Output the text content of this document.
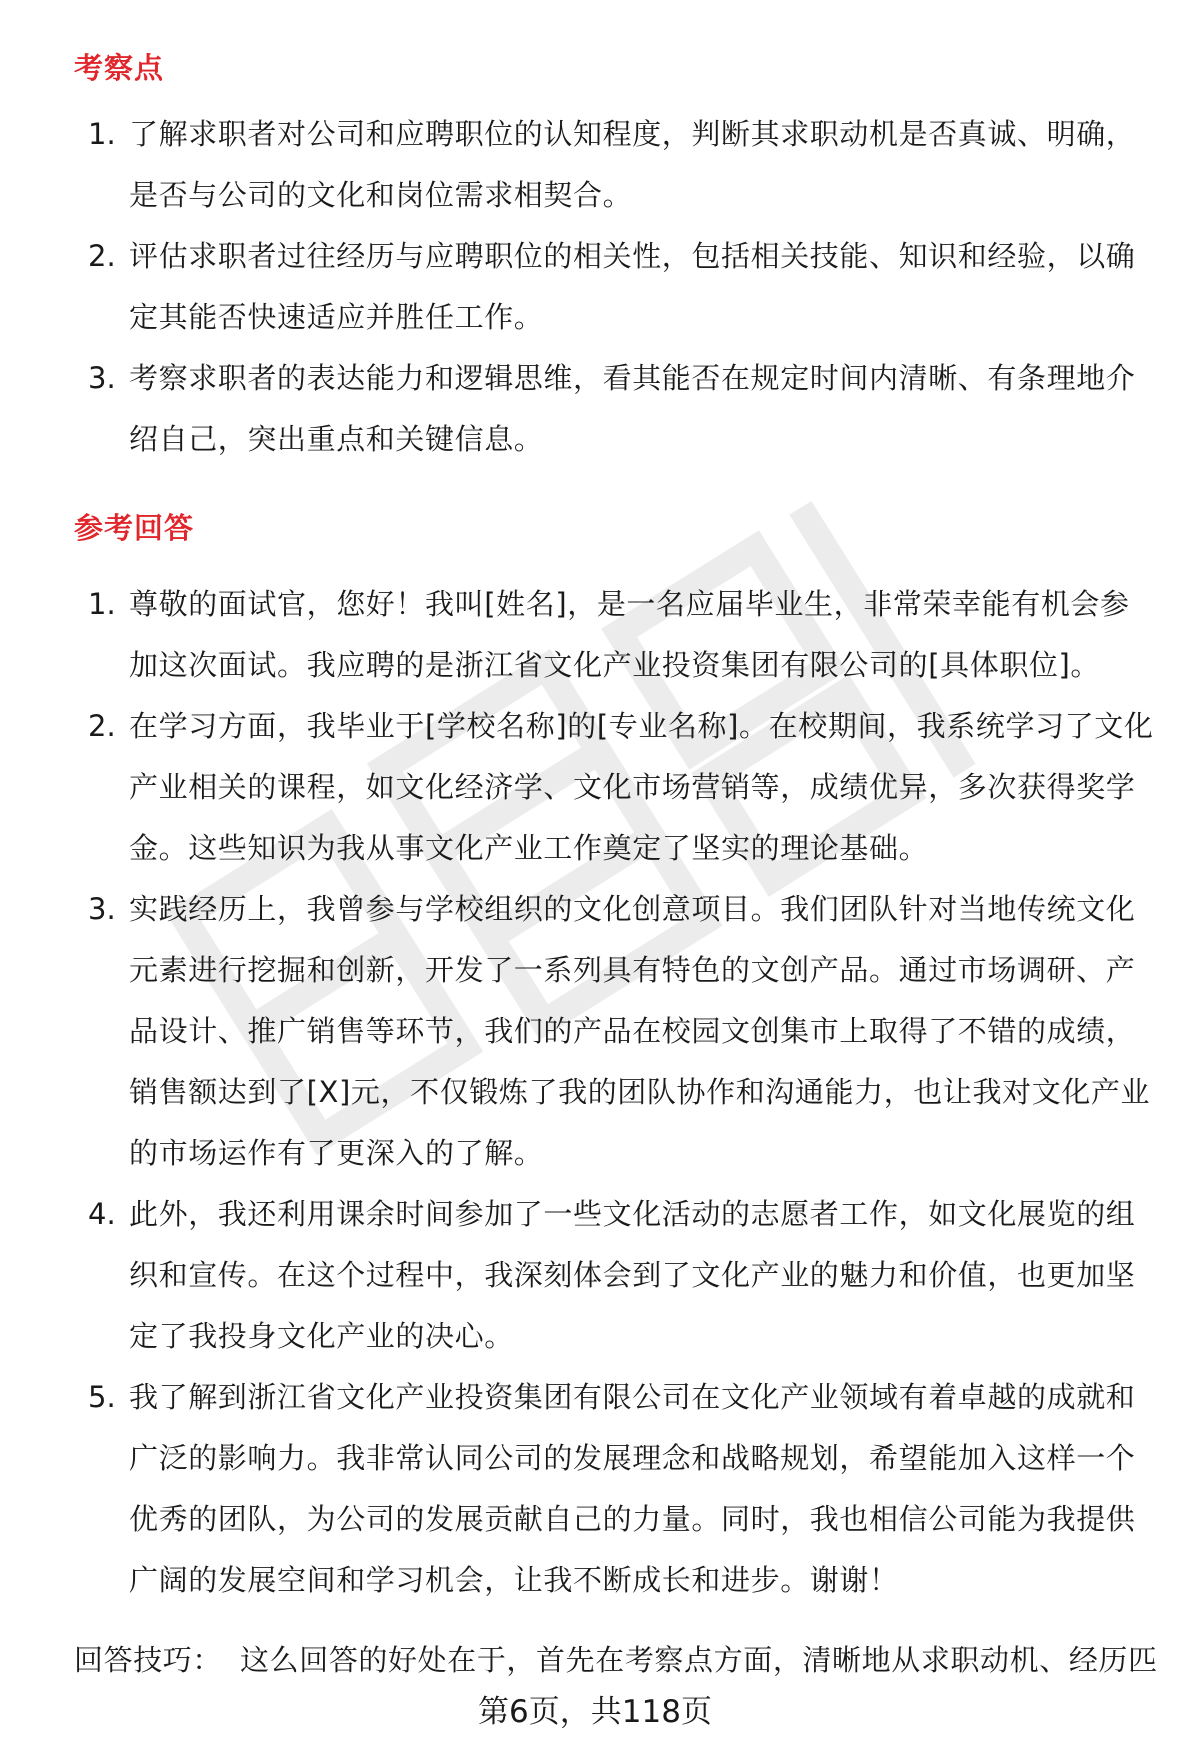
考察点
1. 了解求职者对公司和应聘职位的认知程度，判断其求职动机是否真诚、明确，是否与公司的文化和岗位需求相契合。
2. 评估求职者过往经历与应聘职位的相关性，包括相关技能、知识和经验，以确定其能否快速适应并胜任工作。
3. 考察求职者的表达能力和逻辑思维，看其能否在规定时间内清晰、有条理地介绍自己，突出重点和关键信息。
参考回答
1. 尊敬的面试官，您好！我叫[姓名]，是一名应届毕业生，非常荣幸能有机会参加这次面试。我应聘的是浙江省文化产业投资集团有限公司的[具体职位]。
2. 在学习方面，我毕业于[学校名称]的[专业名称]。在校期间，我系统学习了文化产业相关的课程，如文化经济学、文化市场营销等，成绩优异，多次获得奖学金。这些知识为我从事文化产业工作奠定了坚实的理论基础。
3. 实践经历上，我曾参与学校组织的文化创意项目。我们团队针对当地传统文化元素进行挖掘和创新，开发了一系列具有特色的文创产品。通过市场调研、产品设计、推广销售等环节，我们的产品在校园文创集市上取得了不错的成绩，销售额达到了[X]元，不仅锻炼了我的团队协作和沟通能力，也让我对文化产业的市场运作有了更深入的了解。
4. 此外，我还利用课余时间参加了一些文化活动的志愿者工作，如文化展览的组织和宣传。在这个过程中，我深刻体会到了文化产业的魅力和价值，也更加坚定了我投身文化产业的决心。
5. 我了解到浙江省文化产业投资集团有限公司在文化产业领域有着卓越的成就和广泛的影响力。我非常认同公司的发展理念和战略规划，希望能加入这样一个优秀的团队，为公司的发展贡献自己的力量。同时，我也相信公司能为我提供广阔的发展空间和学习机会，让我不断成长和进步。谢谢！
回答技巧： 这么回答的好处在于，首先在考察点方面，清晰地从求职动机、经历匹
第6页，共118页
